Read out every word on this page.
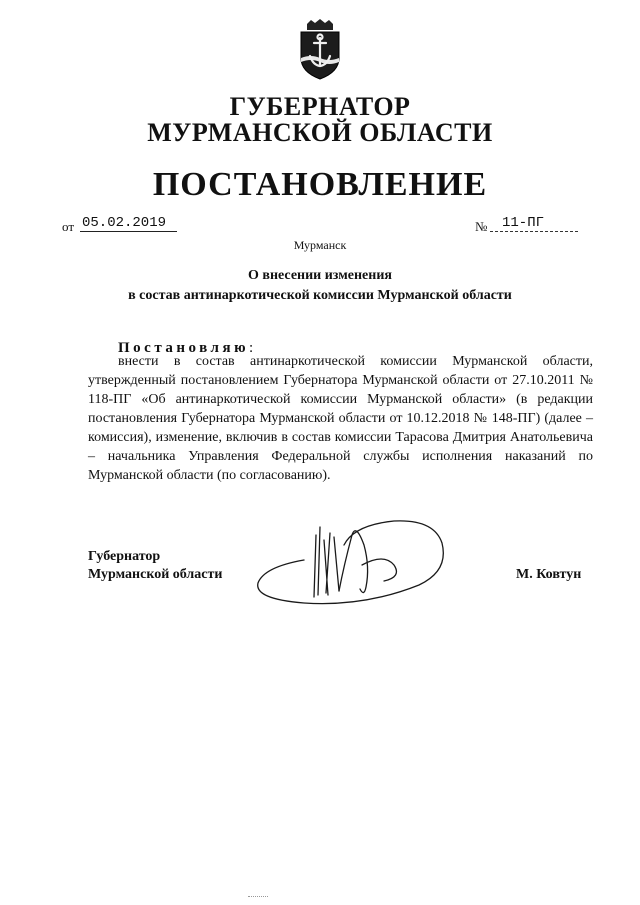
ГУБЕРНАТОР
МУРМАНСКОЙ ОБЛАСТИ
ПОСТАНОВЛЕНИЕ
от 05.02.2019	№	11-ПГ
Мурманск
О внесении изменения
в состав антинаркотической комиссии Мурманской области
Постановляю:
внести в состав антинаркотической комиссии Мурманской области, утвержденный постановлением Губернатора Мурманской области от 27.10.2011 № 118-ПГ «Об антинаркотической комиссии Мурманской области» (в редакции постановления Губернатора Мурманской области от 10.12.2018 № 148-ПГ) (далее – комиссия), изменение, включив в состав комиссии Тарасова Дмитрия Анатольевича – начальника Управления Федеральной службы исполнения наказаний по Мурманской области (по согласованию).
Губернатор
Мурманской области	М. Ковтун
